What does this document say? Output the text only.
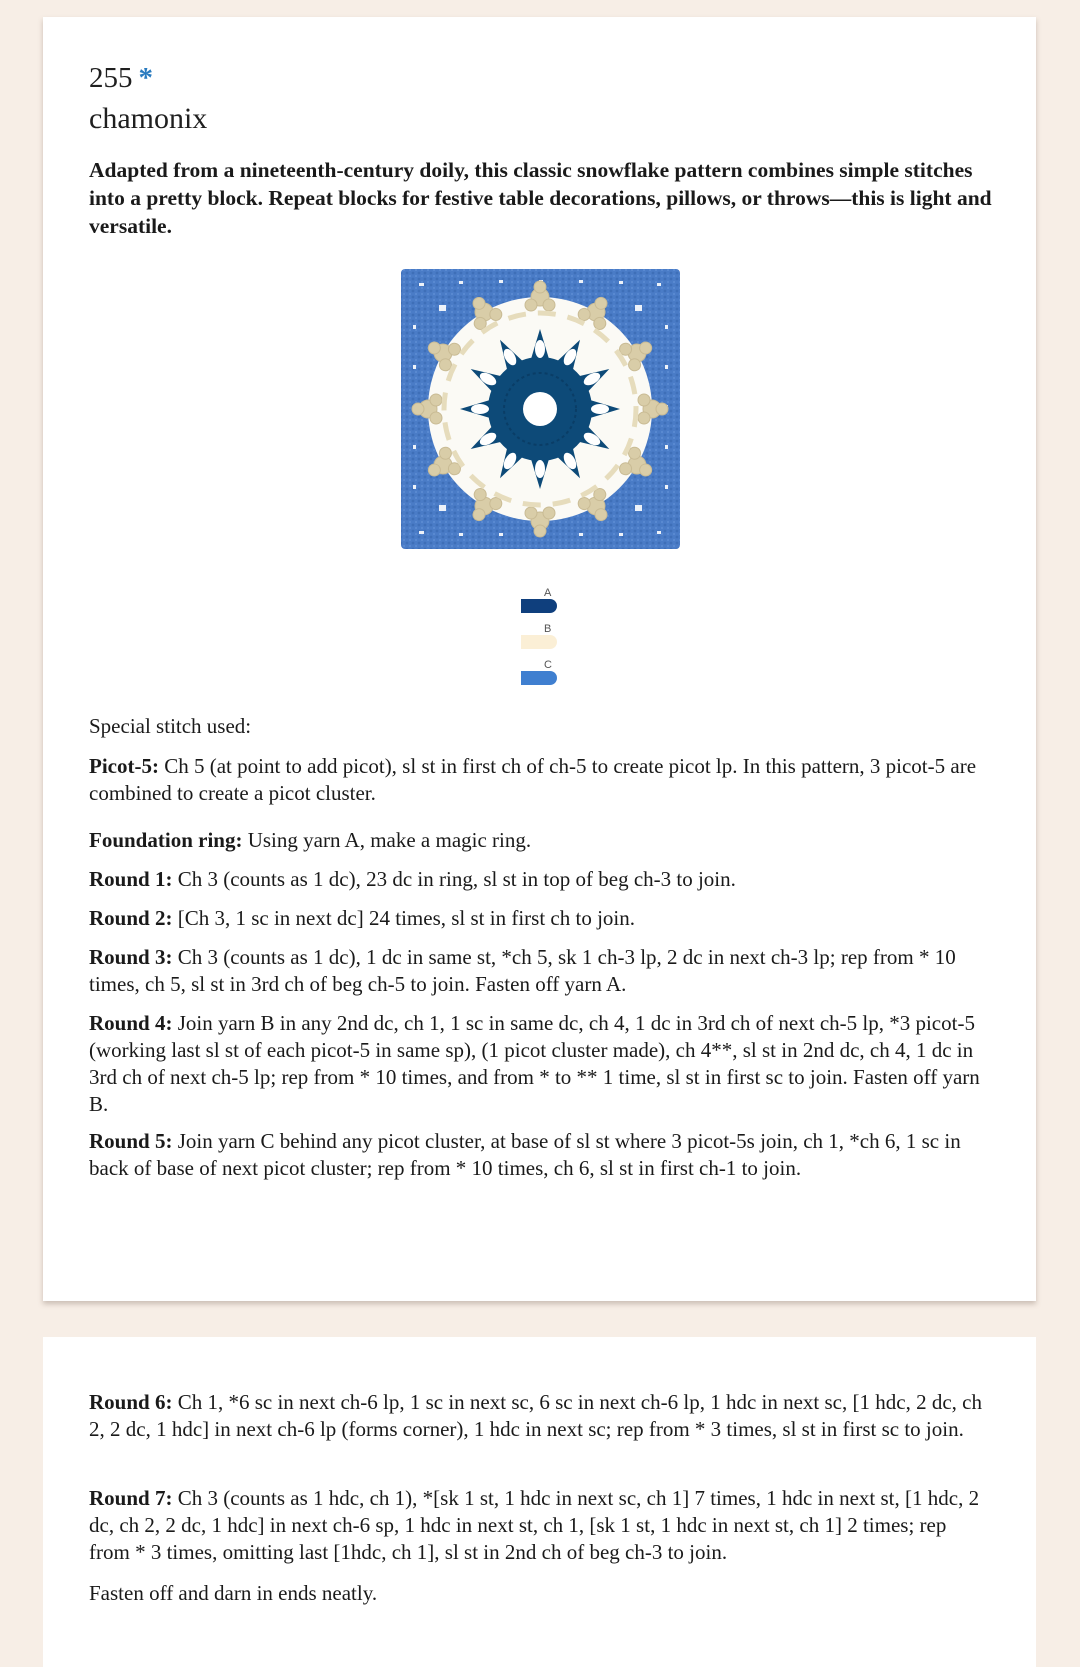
255 *
chamonix
Adapted from a nineteenth-century doily, this classic snowflake pattern combines simple stitches into a pretty block. Repeat blocks for festive table decorations, pillows, or throws—this is light and versatile.
A
B
C
Special stitch used:
Picot-5: Ch 5 (at point to add picot), sl st in first ch of ch-5 to create picot lp. In this pattern, 3 picot-5 are combined to create a picot cluster.
Foundation ring: Using yarn A, make a magic ring.
Round 1: Ch 3 (counts as 1 dc), 23 dc in ring, sl st in top of beg ch-3 to join.
Round 2: [Ch 3, 1 sc in next dc] 24 times, sl st in first ch to join.
Round 3: Ch 3 (counts as 1 dc), 1 dc in same st, *ch 5, sk 1 ch-3 lp, 2 dc in next ch-3 lp; rep from * 10 times, ch 5, sl st in 3rd ch of beg ch-5 to join. Fasten off yarn A.
Round 4: Join yarn B in any 2nd dc, ch 1, 1 sc in same dc, ch 4, 1 dc in 3rd ch of next ch-5 lp, *3 picot-5 (working last sl st of each picot-5 in same sp), (1 picot cluster made), ch 4**, sl st in 2nd dc, ch 4, 1 dc in 3rd ch of next ch-5 lp; rep from * 10 times, and from * to ** 1 time, sl st in first sc to join. Fasten off yarn B.
Round 5: Join yarn C behind any picot cluster, at base of sl st where 3 picot-5s join, ch 1, *ch 6, 1 sc in back of base of next picot cluster; rep from * 10 times, ch 6, sl st in first ch-1 to join.
Round 6: Ch 1, *6 sc in next ch-6 lp, 1 sc in next sc, 6 sc in next ch-6 lp, 1 hdc in next sc, [1 hdc, 2 dc, ch 2, 2 dc, 1 hdc] in next ch-6 lp (forms corner), 1 hdc in next sc; rep from * 3 times, sl st in first sc to join.
Round 7: Ch 3 (counts as 1 hdc, ch 1), *[sk 1 st, 1 hdc in next sc, ch 1] 7 times, 1 hdc in next st, [1 hdc, 2 dc, ch 2, 2 dc, 1 hdc] in next ch-6 sp, 1 hdc in next st, ch 1, [sk 1 st, 1 hdc in next st, ch 1] 2 times; rep from * 3 times, omitting last [1hdc, ch 1], sl st in 2nd ch of beg ch-3 to join.
Fasten off and darn in ends neatly.
